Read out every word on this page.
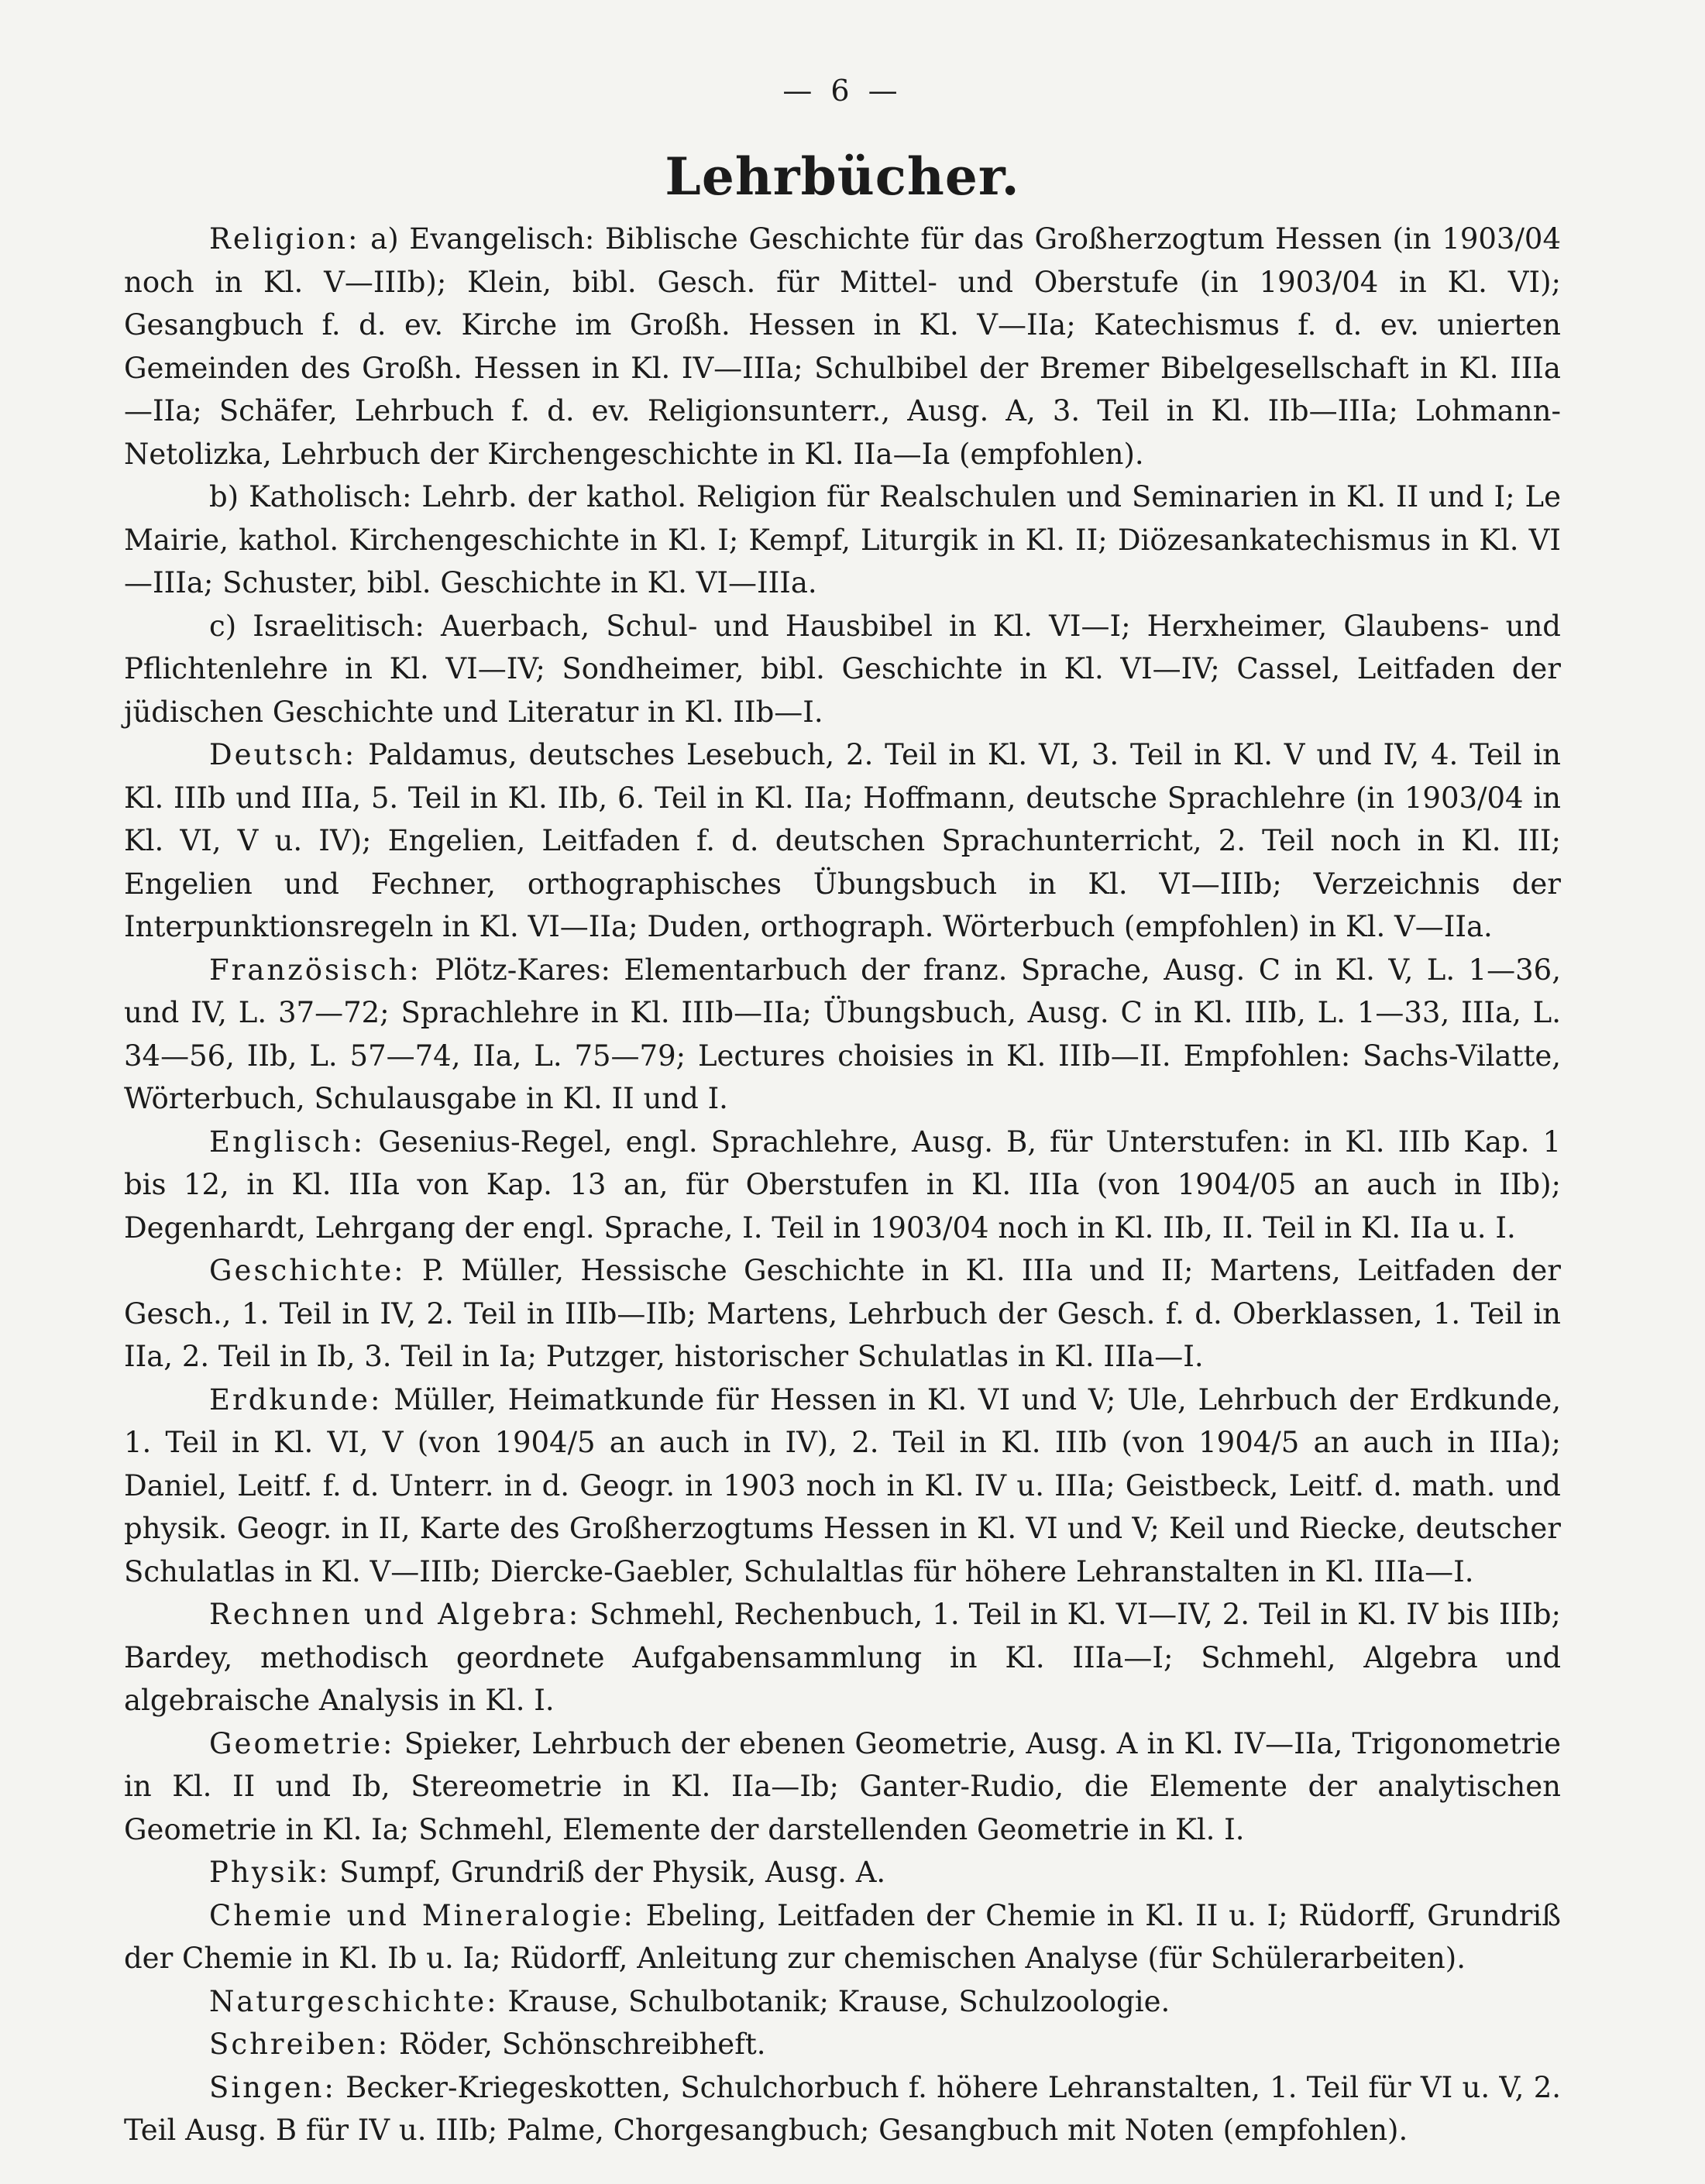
— 6 —
Lehrbücher.

Religion: a) Evangelisch: Biblische Geschichte für das Großherzogtum Hessen (in 1903/04 noch in Kl. V—IIIb); Klein, bibl. Gesch. für Mittel- und Oberstufe (in 1903/04 in Kl. VI); Gesangbuch f. d. ev. Kirche im Großh. Hessen in Kl. V—IIa; Katechismus f. d. ev. unierten Gemeinden des Großh. Hessen in Kl. IV—IIIa; Schulbibel der Bremer Bibelgesellschaft in Kl. IIIa—IIa; Schäfer, Lehrbuch f. d. ev. Religionsunterr., Ausg. A, 3. Teil in Kl. IIb—IIIa; Lohmann-Netolizka, Lehrbuch der Kirchengeschichte in Kl. IIa—Ia (empfohlen).

b) Katholisch: Lehrb. der kathol. Religion für Realschulen und Seminarien in Kl. II und I; Le Mairie, kathol. Kirchengeschichte in Kl. I; Kempf, Liturgik in Kl. II; Diözesankatechismus in Kl. VI—IIIa; Schuster, bibl. Geschichte in Kl. VI—IIIa.

c) Israelitisch: Auerbach, Schul- und Hausbibel in Kl. VI—I; Herxheimer, Glaubens- und Pflichtenlehre in Kl. VI—IV; Sondheimer, bibl. Geschichte in Kl. VI—IV; Cassel, Leitfaden der jüdischen Geschichte und Literatur in Kl. IIb—I.

Deutsch: Paldamus, deutsches Lesebuch, 2. Teil in Kl. VI, 3. Teil in Kl. V und IV, 4. Teil in Kl. IIIb und IIIa, 5. Teil in Kl. IIb, 6. Teil in Kl. IIa; Hoffmann, deutsche Sprachlehre (in 1903/04 in Kl. VI, V u. IV); Engelien, Leitfaden f. d. deutschen Sprachunterricht, 2. Teil noch in Kl. III; Engelien und Fechner, orthographisches Übungsbuch in Kl. VI—IIIb; Verzeichnis der Interpunktionsregeln in Kl. VI—IIa; Duden, orthograph. Wörterbuch (empfohlen) in Kl. V—IIa.

Französisch: Plötz-Kares: Elementarbuch der franz. Sprache, Ausg. C in Kl. V, L. 1—36, und IV, L. 37—72; Sprachlehre in Kl. IIIb—IIa; Übungsbuch, Ausg. C in Kl. IIIb, L. 1—33, IIIa, L. 34—56, IIb, L. 57—74, IIa, L. 75—79; Lectures choisies in Kl. IIIb—II. Empfohlen: Sachs-Vilatte, Wörterbuch, Schulausgabe in Kl. II und I.

Englisch: Gesenius-Regel, engl. Sprachlehre, Ausg. B, für Unterstufen: in Kl. IIIb Kap. 1 bis 12, in Kl. IIIa von Kap. 13 an, für Oberstufen in Kl. IIIa (von 1904/05 an auch in IIb); Degenhardt, Lehrgang der engl. Sprache, I. Teil in 1903/04 noch in Kl. IIb, II. Teil in Kl. IIa u. I.

Geschichte: P. Müller, Hessische Geschichte in Kl. IIIa und II; Martens, Leitfaden der Gesch., 1. Teil in IV, 2. Teil in IIIb—IIb; Martens, Lehrbuch der Gesch. f. d. Oberklassen, 1. Teil in IIa, 2. Teil in Ib, 3. Teil in Ia; Putzger, historischer Schulatlas in Kl. IIIa—I.

Erdkunde: Müller, Heimatkunde für Hessen in Kl. VI und V; Ule, Lehrbuch der Erdkunde, 1. Teil in Kl. VI, V (von 1904/5 an auch in IV), 2. Teil in Kl. IIIb (von 1904/5 an auch in IIIa); Daniel, Leitf. f. d. Unterr. in d. Geogr. in 1903 noch in Kl. IV u. IIIa; Geistbeck, Leitf. d. math. und physik. Geogr. in II, Karte des Großherzogtums Hessen in Kl. VI und V; Keil und Riecke, deutscher Schulatlas in Kl. V—IIIb; Diercke-Gaebler, Schulaltlas für höhere Lehranstalten in Kl. IIIa—I.

Rechnen und Algebra: Schmehl, Rechenbuch, 1. Teil in Kl. VI—IV, 2. Teil in Kl. IV bis IIIb; Bardey, methodisch geordnete Aufgabensammlung in Kl. IIIa—I; Schmehl, Algebra und algebraische Analysis in Kl. I.

Geometrie: Spieker, Lehrbuch der ebenen Geometrie, Ausg. A in Kl. IV—IIa, Trigonometrie in Kl. II und Ib, Stereometrie in Kl. IIa—Ib; Ganter-Rudio, die Elemente der analytischen Geometrie in Kl. Ia; Schmehl, Elemente der darstellenden Geometrie in Kl. I.

Physik: Sumpf, Grundriß der Physik, Ausg. A.

Chemie und Mineralogie: Ebeling, Leitfaden der Chemie in Kl. II u. I; Rüdorff, Grundriß der Chemie in Kl. Ib u. Ia; Rüdorff, Anleitung zur chemischen Analyse (für Schülerarbeiten).

Naturgeschichte: Krause, Schulbotanik; Krause, Schulzoologie.

Schreiben: Röder, Schönschreibheft.

Singen: Becker-Kriegeskotten, Schulchorbuch f. höhere Lehranstalten, 1. Teil für VI u. V, 2. Teil Ausg. B für IV u. IIIb; Palme, Chorgesangbuch; Gesangbuch mit Noten (empfohlen).
